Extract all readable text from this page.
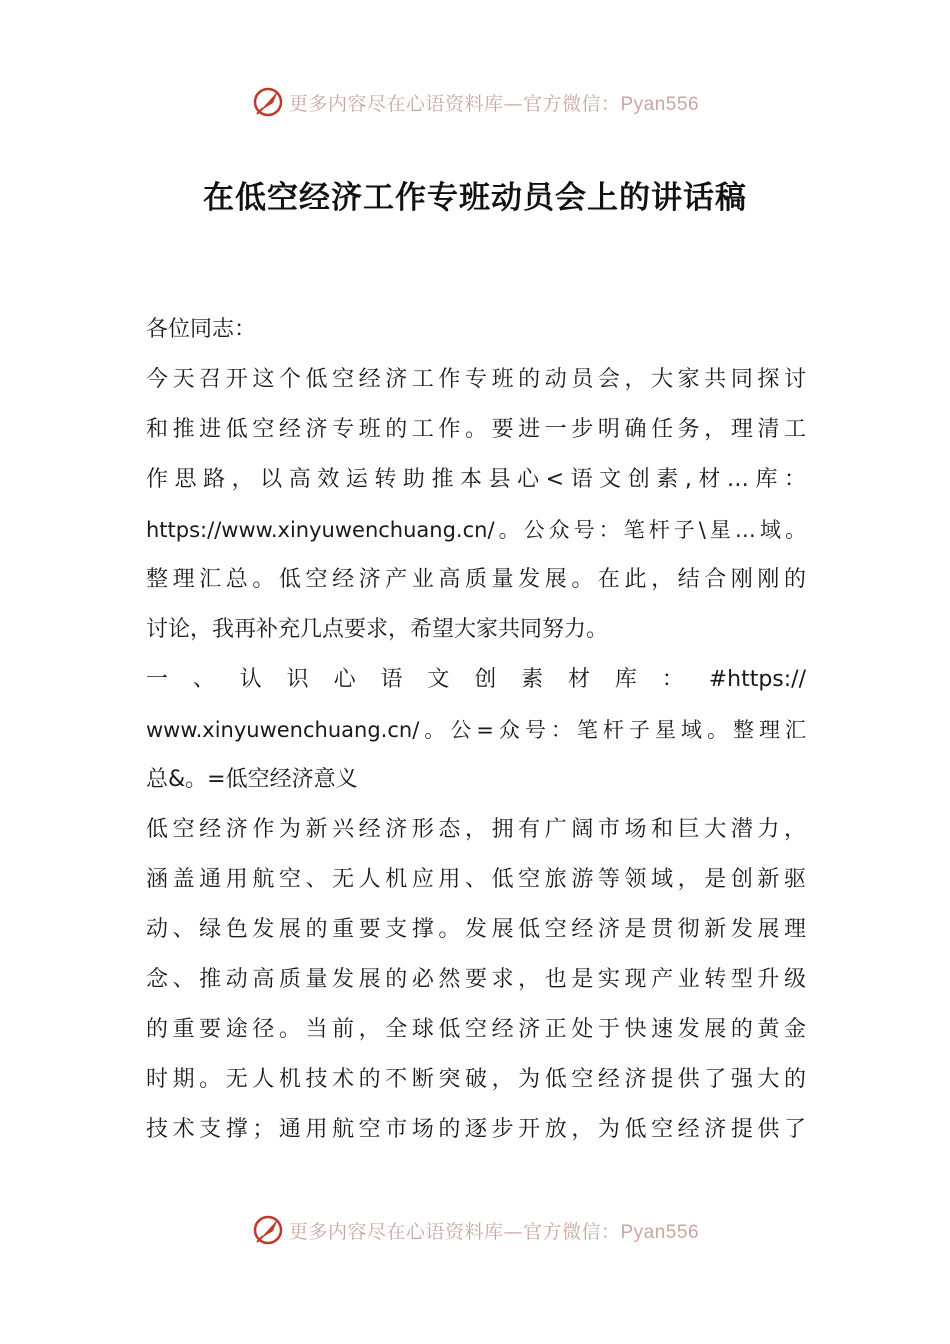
更多内容尽在心语资料库—官方微信：Pyan556
在低空经济工作专班动员会上的讲话稿
各位同志：
今天召开这个低空经济工作专班的动员会，大家共同探讨
和推进低空经济专班的工作。要进一步明确任务，理清工
作思路，以高效运转助推本县心<语文创素,材…库：
https://www.xinyuwenchuang.cn/。公众号：笔杆子\星…域。
整理汇总。低空经济产业高质量发展。在此，结合刚刚的
讨论，我再补充几点要求，希望大家共同努力。
一、认识心语文创素材库：#https://
www.xinyuwenchuang.cn/。公=众号：笔杆子星域。整理汇
总&。=低空经济意义
低空经济作为新兴经济形态，拥有广阔市场和巨大潜力，
涵盖通用航空、无人机应用、低空旅游等领域，是创新驱
动、绿色发展的重要支撑。发展低空经济是贯彻新发展理
念、推动高质量发展的必然要求，也是实现产业转型升级
的重要途径。当前，全球低空经济正处于快速发展的黄金
时期。无人机技术的不断突破，为低空经济提供了强大的
技术支撑；通用航空市场的逐步开放，为低空经济提供了
更多内容尽在心语资料库—官方微信：Pyan556
